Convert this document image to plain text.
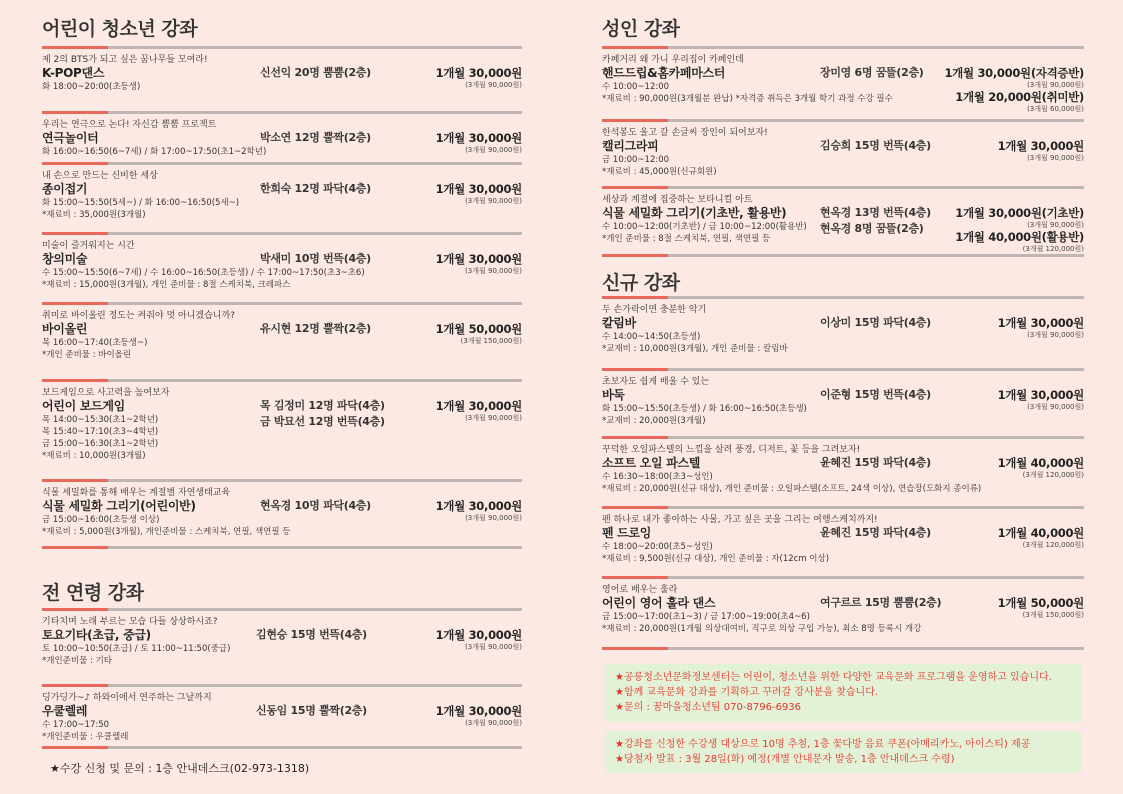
어린이 청소년 강좌
제 2의 BTS가 되고 싶은 꿈나무들 모여라!
K-POP댄스
화 18:00~20:00(초등생)
신선익 20명 뿜뿜(2층)	1개월 30,000원
(3개월 90,000원)
우리는 연극으로 논다! 자신감 뿜뿜 프로젝트
연극놀이터
화 16:00~16:50(6~7세) / 화 17:00~17:50(초1~2학년)
박소연 12명 뿔짝(2층)	1개월 30,000원
(3개월 90,000원)
내 손으로 만드는 신비한 세상
종이접기
화 15:00~15:50(5세~) / 화 16:00~16:50(5세~)
*재료비 : 35,000원(3개월)
한희숙 12명 파닥(4층)	1개월 30,000원
(3개월 90,000원)
미술이 즐거워지는 시간
창의미술
수 15:00~15:50(6~7세) / 수 16:00~16:50(초등생) / 수 17:00~17:50(초3~초6)
*재료비 : 15,000원(3개월), 개인 준비물 : 8절 스케치북, 크레파스
박새미 10명 번뜩(4층)	1개월 30,000원
(3개월 90,000원)
취미로 바이올린 정도는 켜줘야 멋 아니겠습니까?
바이올린
목 16:00~17:40(초등생~)
*개인 준비물 : 바이올린
유시현 12명 뿔짝(2층)	1개월 50,000원
(3개월 150,000원)
보드게임으로 사고력을 높여보자
어린이 보드게임
목 14:00~15:30(초1~2학년)
목 15:40~17:10(초3~4학년)
금 15:00~16:30(초1~2학년)
*재료비 : 10,000원(3개월)
목 김정미 12명 파닥(4층)
금 박묘선 12명 번뜩(4층)
1개월 30,000원
(3개월 90,000원)
식물 세밀화를 통해 배우는 계절별 자연생태교육
식물 세밀화 그리기(어린이반)
금 15:00~16:00(초등생 이상)
*재료비 : 5,000원(3개월), 개인준비물 : 스케치북, 연필, 색연필 등
현옥경 10명 파닥(4층)	1개월 30,000원
(3개월 90,000원)
전 연령 강좌
기타치며 노래 부르는 모습 다들 상상하시죠?
토요기타(초급, 중급)
토 10:00~10:50(초급) / 토 11:00~11:50(중급)
*개인준비물 : 기타
김현승 15명 번뜩(4층)	1개월 30,000원
(3개월 90,000원)
딩가딩가~♪ 하와이에서 연주하는 그날까지
우쿨렐레
수 17:00~17:50
*개인준비물 : 우쿨렐레
신동임 15명 뿔짝(2층)	1개월 30,000원
(3개월 90,000원)
★수강 신청 및 문의 : 1층 안내데스크(02-973-1318)
성인 강좌
카페거리 왜 가니 우리집이 카페인데
핸드드립&홈카페마스터
수 10:00~12:00
*재료비 : 90,000원(3개월분 완납) *자격증 취득은 3개월 학기 과정 수강 필수
장미영 6명 꿈뜰(2층) 1개월 30,000원(자격증반)
(3개월 90,000원)
1개월 20,000원(취미반)
(3개월 60,000원)
한석봉도 울고 갈 손글씨 장인이 되어보자!
캘리그라피
금 10:00~12:00
*재료비 : 45,000원(신규회원)
김승희 15명 번뜩(4층)	1개월 30,000원
(3개월 90,000원)
세상과 계절에 집중하는 보타니컬 아트
식물 세밀화 그리기(기초반, 활용반)
수 10:00~12:00(기초반) / 금 10:00~12:00(활용반)
*개인 준비물 : 8절 스케치북, 연필, 색연필 등
현옥경 13명 번뜩(4층)
현옥경 8명 꿈뜰(2층)
1개월 30,000원(기초반)
(3개월 90,000원)
1개월 40,000원(활용반)
(3개월 120,000원)
신규 강좌
두 손가락이면 충분한 악기
칼림바
수 14:00~14:50(초등생)
*교재비 : 10,000원(3개월), 개인 준비물 : 칼림바
이상미 15명 파닥(4층)	1개월 30,000원
(3개월 90,000원)
초보자도 쉽게 배울 수 있는
바둑
화 15:00~15:50(초등생) / 화 16:00~16:50(초등생)
*교재비 : 20,000원(3개월)
이준형 15명 번뜩(4층)	1개월 30,000원
(3개월 90,000원)
꾸덕한 오일파스텔의 느낌을 살려 풍경, 디저트, 꽃 등을 그려보자!
소프트 오일 파스텔
수 16:30~18:00(초3~성인)
*재료비 : 20,000원(신규 대상), 개인 준비물 : 오일파스텔(소프트, 24색 이상), 연습장(도화지 종이류)
윤혜진 15명 파닥(4층)	1개월 40,000원
(3개월 120,000원)
펜 하나로 내가 좋아하는 사물, 가고 싶은 곳을 그리는 여행스케치까지!
펜 드로잉
수 18:00~20:00(초5~성인)
*재료비 : 9,500원(신규 대상), 개인 준비물 : 자(12cm 이상)
윤혜진 15명 파닥(4층)	1개월 40,000원
(3개월 120,000원)
영어로 배우는 훌라
어린이 영어 훌라 댄스
금 15:00~17:00(초1~3) / 금 17:00~19:00(초4~6)
*재료비 : 20,000원(1개월 의상대여비, 직구로 의상 구입 가능), 최소 8명 등록시 개강
여구르르 15명 뿜뿜(2층)	1개월 50,000원
(3개월 150,000원)
★공릉청소년문화정보센터는 어린이, 청소년을 위한 다양한 교육문화 프로그램을 운영하고 있습니다.
★함께 교육문화 강좌를 기획하고 꾸려갈 강사분을 찾습니다.
★문의 : 꿈마을청소년팀 070-8796-6936
★강좌를 신청한 수강생 대상으로 10명 추첨, 1층 꽃다방 음료 쿠폰(아메리카노, 아이스티) 제공
★당첨자 발표 : 3월 28일(화) 예정(개별 안내문자 발송, 1층 안내데스크 수령)
